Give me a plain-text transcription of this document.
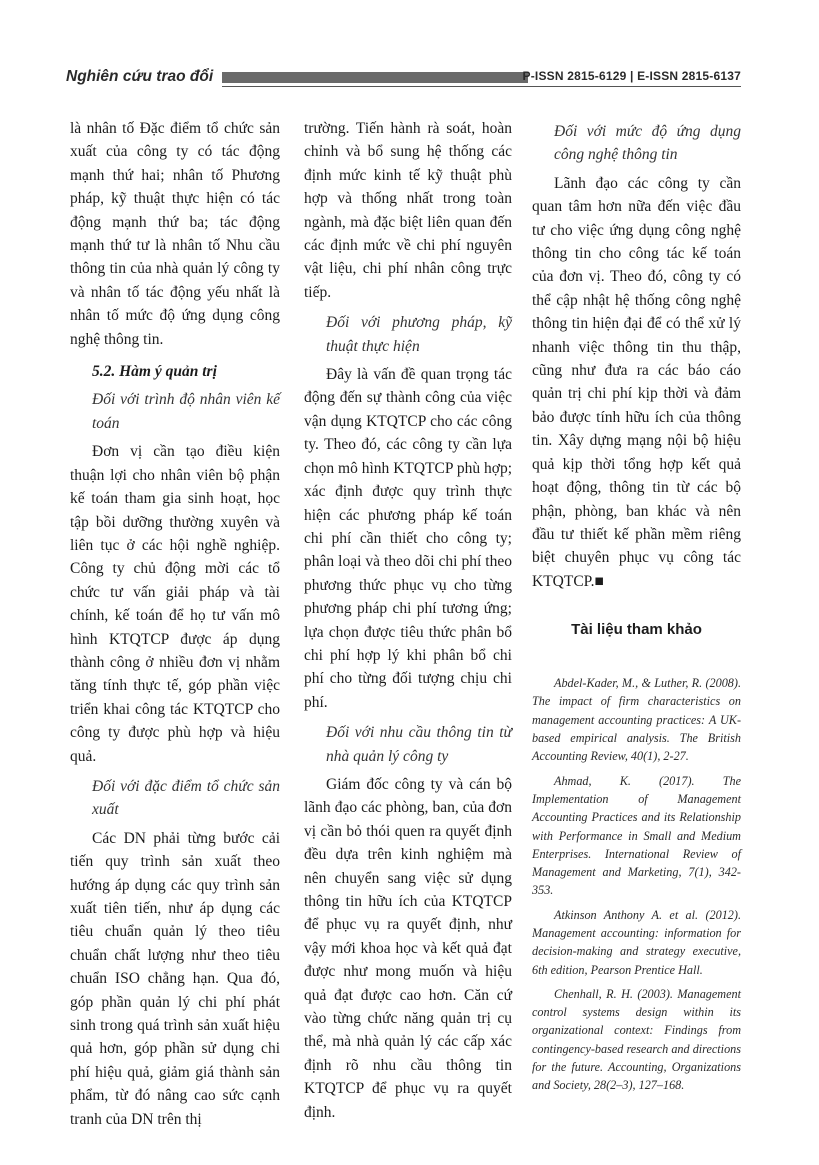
Nghiên cứu trao đổi	P-ISSN 2815-6129 | E-ISSN 2815-6137

là nhân tố Đặc điểm tổ chức sản xuất của công ty có tác động mạnh thứ hai; nhân tố Phương pháp, kỹ thuật thực hiện có tác động mạnh thứ ba; tác động mạnh thứ tư là nhân tố Nhu cầu thông tin của nhà quản lý công ty và nhân tố tác động yếu nhất là nhân tố mức độ ứng dụng công nghệ thông tin.

5.2. Hàm ý quản trị

Đối với trình độ nhân viên kế toán

Đơn vị cần tạo điều kiện thuận lợi cho nhân viên bộ phận kế toán tham gia sinh hoạt, học tập bồi dưỡng thường xuyên và liên tục ở các hội nghề nghiệp. Công ty chủ động mời các tổ chức tư vấn giải pháp và tài chính, kế toán để họ tư vấn mô hình KTQTCP được áp dụng thành công ở nhiều đơn vị nhằm tăng tính thực tế, góp phần việc triển khai công tác KTQTCP cho công ty được phù hợp và hiệu quả.

Đối với đặc điểm tổ chức sản xuất

Các DN phải từng bước cải tiến quy trình sản xuất theo hướng áp dụng các quy trình sản xuất tiên tiến, như áp dụng các tiêu chuẩn quản lý theo tiêu chuẩn chất lượng như theo tiêu chuẩn ISO chẳng hạn. Qua đó, góp phần quản lý chi phí phát sinh trong quá trình sản xuất hiệu quả hơn, góp phần sử dụng chi phí hiệu quả, giảm giá thành sản phẩm, từ đó nâng cao sức cạnh tranh của DN trên thị

trường. Tiến hành rà soát, hoàn chỉnh và bổ sung hệ thống các định mức kinh tế kỹ thuật phù hợp và thống nhất trong toàn ngành, mà đặc biệt liên quan đến các định mức về chi phí nguyên vật liệu, chi phí nhân công trực tiếp.

Đối với phương pháp, kỹ thuật thực hiện

Đây là vấn đề quan trọng tác động đến sự thành công của việc vận dụng KTQTCP cho các công ty. Theo đó, các công ty cần lựa chọn mô hình KTQTCP phù hợp; xác định được quy trình thực hiện các phương pháp kế toán chi phí cần thiết cho công ty; phân loại và theo dõi chi phí theo phương thức phục vụ cho từng phương pháp chi phí tương ứng; lựa chọn được tiêu thức phân bổ chi phí hợp lý khi phân bổ chi phí cho từng đối tượng chịu chi phí.

Đối với nhu cầu thông tin từ nhà quản lý công ty

Giám đốc công ty và cán bộ lãnh đạo các phòng, ban, của đơn vị cần bỏ thói quen ra quyết định đều dựa trên kinh nghiệm mà nên chuyển sang việc sử dụng thông tin hữu ích của KTQTCP để phục vụ ra quyết định, như vậy mới khoa học và kết quả đạt được như mong muốn và hiệu quả đạt được cao hơn. Căn cứ vào từng chức năng quản trị cụ thể, mà nhà quản lý các cấp xác định rõ nhu cầu thông tin KTQTCP để phục vụ ra quyết định.

Đối với mức độ ứng dụng công nghệ thông tin

Lãnh đạo các công ty cần quan tâm hơn nữa đến việc đầu tư cho việc ứng dụng công nghệ thông tin cho công tác kế toán của đơn vị. Theo đó, công ty có thể cập nhật hệ thống công nghệ thông tin hiện đại để có thể xử lý nhanh việc thông tin thu thập, cũng như đưa ra các báo cáo quản trị chi phí kịp thời và đảm bảo được tính hữu ích của thông tin. Xây dựng mạng nội bộ hiệu quả kịp thời tổng hợp kết quả hoạt động, thông tin từ các bộ phận, phòng, ban khác và nên đầu tư thiết kế phần mềm riêng biệt chuyên phục vụ công tác KTQTCP.■

Tài liệu tham khảo

Abdel-Kader, M., & Luther, R. (2008). The impact of firm characteristics on management accounting practices: A UK-based empirical analysis. The British Accounting Review, 40(1), 2-27.

Ahmad, K. (2017). The Implementation of Management Accounting Practices and its Relationship with Performance in Small and Medium Enterprises. International Review of Management and Marketing, 7(1), 342-353.

Atkinson Anthony A. et al. (2012). Management accounting: information for decision-making and strategy executive, 6th edition, Pearson Prentice Hall.

Chenhall, R. H. (2003). Management control systems design within its organizational context: Findings from contingency-based research and directions for the future. Accounting, Organizations and Society, 28(2–3), 127–168.
